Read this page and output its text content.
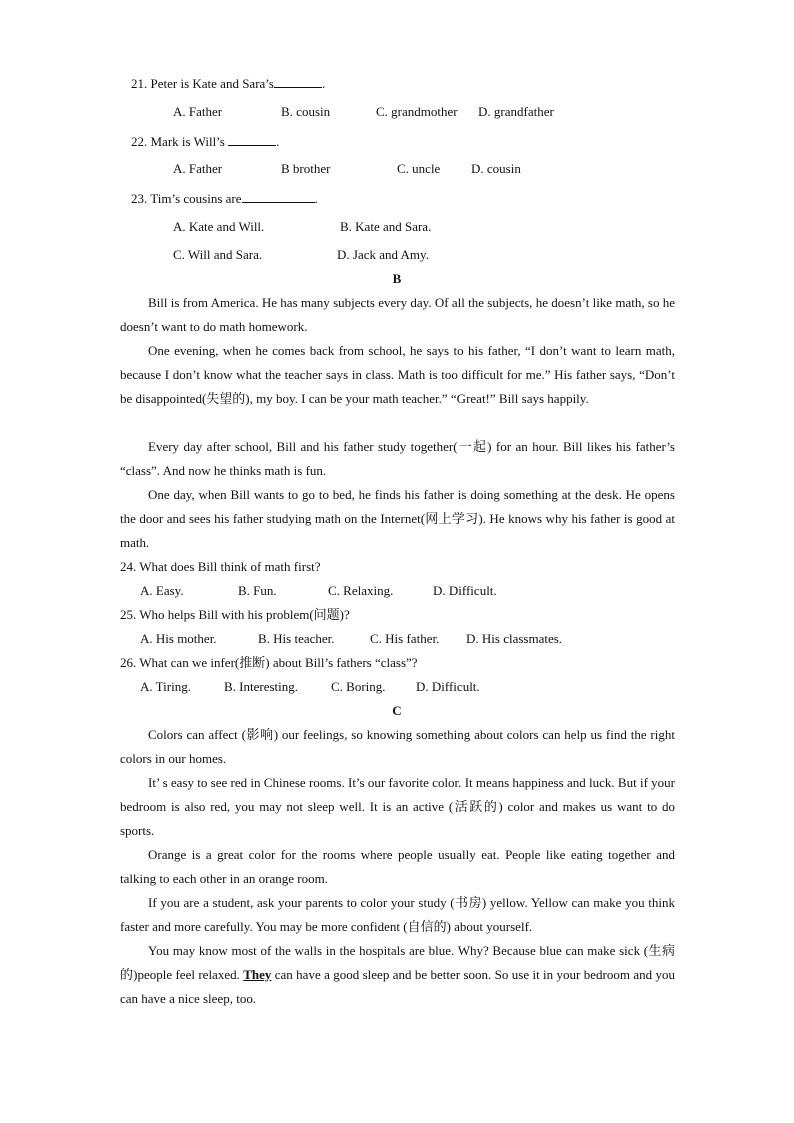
21. Peter is Kate and Sara’s	.
A. Father	B. cousin	C. grandmother D. grandfather
22. Mark is Will’s	.
A. Father	B brother	C. uncle D. cousin
23. Tim’s cousins are	.
A. Kate and Will.	B. Kate and Sara.
C. Will and Sara.	D. Jack and Amy.
B
Bill is from America. He has many subjects every day. Of all the subjects, he doesn’t like math, so he doesn’t want to do math homework.
One evening, when he comes back from school, he says to his father, “I don’t want to learn math, because I don’t know what the teacher says in class. Math is too difficult for me.” His father says, “Don’t be disappointed(失望的), my boy. I can be your math teacher.” “Great!” Bill says happily.
Every day after school, Bill and his father study together(一起) for an hour. Bill likes his father’s “class”. And now he thinks math is fun.
One day, when Bill wants to go to bed, he finds his father is doing something at the desk. He opens the door and sees his father studying math on the Internet(网上学习). He knows why his father is good at math.
24. What does Bill think of math first?
A. Easy.	B. Fun.	C. Relaxing.	D. Difficult.
25. Who helps Bill with his problem(问题)?
A. His mother.	B. His teacher.	C. His father. D. His classmates.
26. What can we infer(推断) about Bill’s fathers “class”?
A. Tiring.	B. Interesting.	C. Boring. D. Difficult.
C
Colors can affect (影响) our feelings, so knowing something about colors can help us find the right colors in our homes.
It’ s easy to see red in Chinese rooms. It’s our favorite color. It means happiness and luck. But if your bedroom is also red, you may not sleep well. It is an active (活跃的) color and makes us want to do sports.
Orange is a great color for the rooms where people usually eat. People like eating together and talking to each other in an orange room.
If you are a student, ask your parents to color your study (书房) yellow. Yellow can make you think faster and more carefully. You may be more confident (自信的) about yourself.
You may know most of the walls in the hospitals are blue. Why? Because blue can make sick (生病的)people feel relaxed. They can have a good sleep and be better soon. So use it in your bedroom and you can have a nice sleep, too.
